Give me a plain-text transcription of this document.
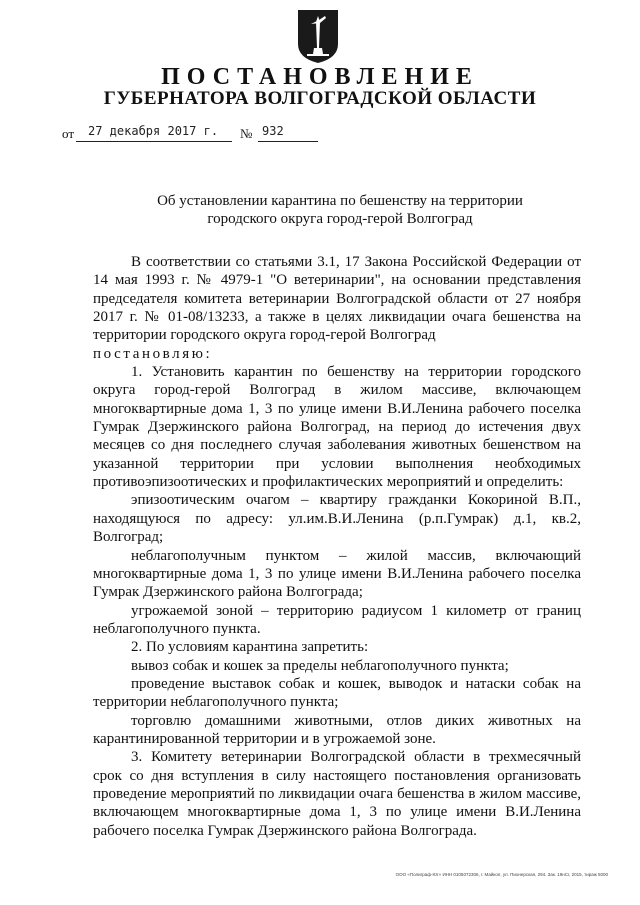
ПОСТАНОВЛЕНИЕ
ГУБЕРНАТОРА ВОЛГОГРАДСКОЙ ОБЛАСТИ
от 27 декабря 2017 г. № 932
Об установлении карантина по бешенству на территории городского округа город-герой Волгоград

В соответствии со статьями 3.1, 17 Закона Российской Федерации от 14 мая 1993 г. № 4979-1 "О ветеринарии", на основании представления председателя комитета ветеринарии Волгоградской области от 27 ноября 2017 г. № 01-08/13233, а также в целях ликвидации очага бешенства на территории городского округа город-герой Волгоград

постановляю:

1. Установить карантин по бешенству на территории городского округа город-герой Волгоград в жилом массиве, включающем многоквартирные дома 1, 3 по улице имени В.И.Ленина рабочего поселка Гумрак Дзержинского района Волгоград, на период до истечения двух месяцев со дня последнего случая заболевания животных бешенством на указанной территории при условии выполнения необходимых противоэпизоотических и профилактических мероприятий и определить:

эпизоотическим очагом – квартиру гражданки Кокориной В.П., находящуюся по адресу: ул.им.В.И.Ленина (р.п.Гумрак) д.1, кв.2, Волгоград;

неблагополучным пунктом – жилой массив, включающий многоквартирные дома 1, 3 по улице имени В.И.Ленина рабочего поселка Гумрак Дзержинского района Волгограда;

угрожаемой зоной – территорию радиусом 1 километр от границ неблагополучного пункта.

2. По условиям карантина запретить:

вывоз собак и кошек за пределы неблагополучного пункта;

проведение выставок собак и кошек, выводок и натаски собак на территории неблагополучного пункта;

торговлю домашними животными, отлов диких животных на карантинированной территории и в угрожаемой зоне.

3. Комитету ветеринарии Волгоградской области в трехмесячный срок со дня вступления в силу настоящего постановления организовать проведение мероприятий по ликвидации очага бешенства в жилом массиве, включающем многоквартирные дома 1, 3 по улице имени В.И.Ленина рабочего поселка Гумрак Дзержинского района Волгограда.

ООО «Полиграф-Юг» ИНН 0105072306, г. Майкоп, ул. Пионерская, 294. Зак. 19нСг, 2015, тираж 5000
